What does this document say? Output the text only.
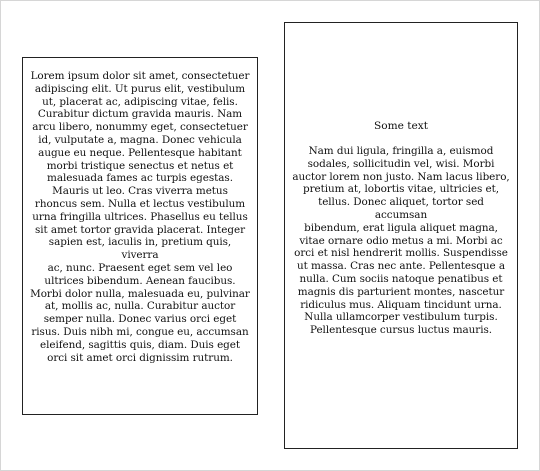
Lorem ipsum dolor sit amet, consectetuer
adipiscing elit. Ut purus elit, vestibulum
ut, placerat ac, adipiscing vitae, felis.
Curabitur dictum gravida mauris. Nam
arcu libero, nonummy eget, consectetuer
id, vulputate a, magna. Donec vehicula
augue eu neque. Pellentesque habitant
morbi tristique senectus et netus et
malesuada fames ac turpis egestas.
Mauris ut leo. Cras viverra metus
rhoncus sem. Nulla et lectus vestibulum
urna fringilla ultrices. Phasellus eu tellus
sit amet tortor gravida placerat. Integer
sapien est, iaculis in, pretium quis, viverra
ac, nunc. Praesent eget sem vel leo
ultrices bibendum. Aenean faucibus.
Morbi dolor nulla, malesuada eu, pulvinar
at, mollis ac, nulla. Curabitur auctor
semper nulla. Donec varius orci eget
risus. Duis nibh mi, congue eu, accumsan
eleifend, sagittis quis, diam. Duis eget
orci sit amet orci dignissim rutrum.

Some text

Nam dui ligula, fringilla a, euismod
sodales, sollicitudin vel, wisi. Morbi
auctor lorem non justo. Nam lacus libero,
pretium at, lobortis vitae, ultricies et,
tellus. Donec aliquet, tortor sed accumsan
bibendum, erat ligula aliquet magna,
vitae ornare odio metus a mi. Morbi ac
orci et nisl hendrerit mollis. Suspendisse
ut massa. Cras nec ante. Pellentesque a
nulla. Cum sociis natoque penatibus et
magnis dis parturient montes, nascetur
ridiculus mus. Aliquam tincidunt urna.
Nulla ullamcorper vestibulum turpis.
Pellentesque cursus luctus mauris.
